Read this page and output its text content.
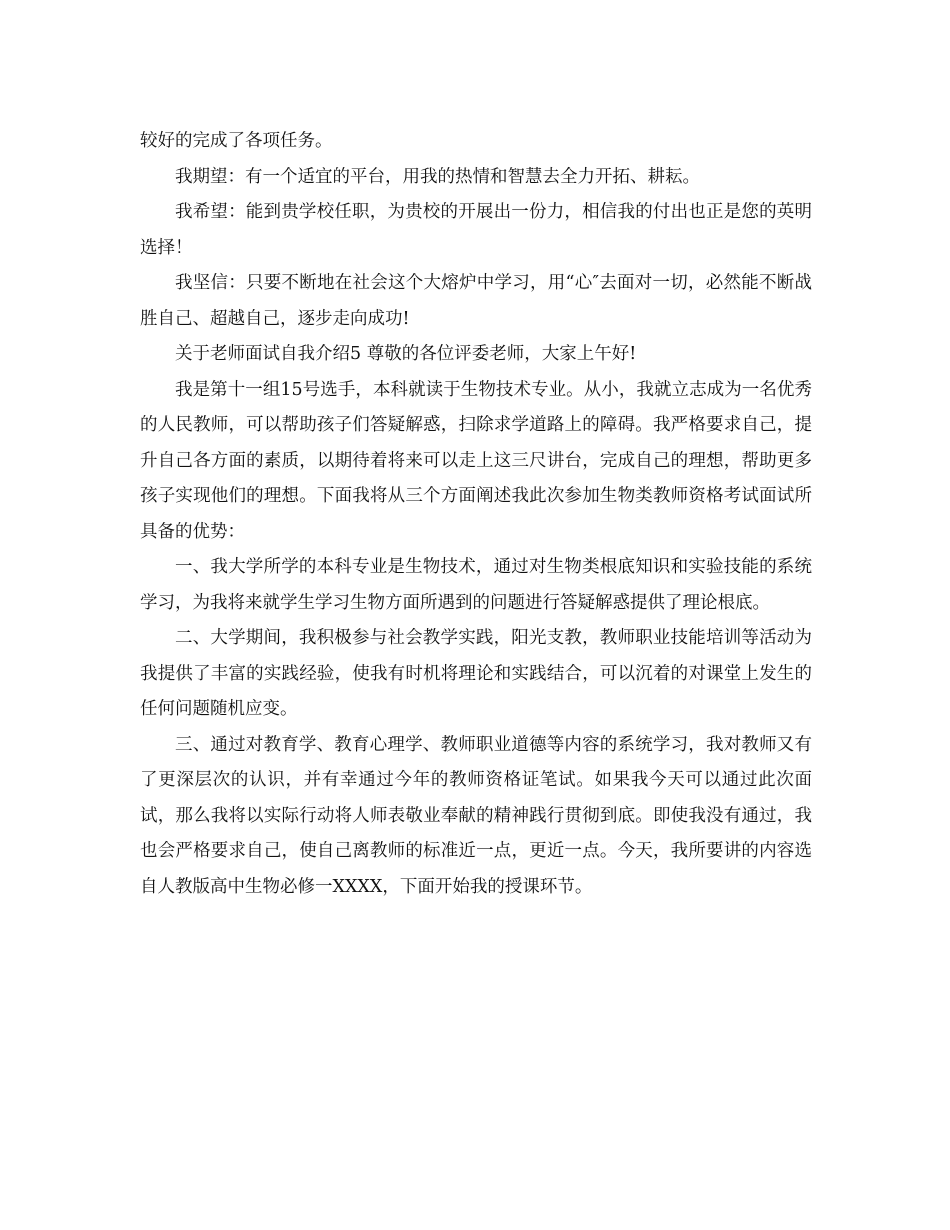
较好的完成了各项任务。

我期望：有一个适宜的平台，用我的热情和智慧去全力开拓、耕耘。

我希望：能到贵学校任职，为贵校的开展出一份力，相信我的付出也正是您的英明选择！

我坚信：只要不断地在社会这个大熔炉中学习，用“心″去面对一切，必然能不断战胜自己、超越自己，逐步走向成功!

关于老师面试自我介绍5 尊敬的各位评委老师，大家上午好!

我是第十一组15号选手，本科就读于生物技术专业。从小，我就立志成为一名优秀的人民教师，可以帮助孩子们答疑解惑，扫除求学道路上的障碍。我严格要求自己，提升自己各方面的素质，以期待着将来可以走上这三尺讲台，完成自己的理想，帮助更多孩子实现他们的理想。下面我将从三个方面阐述我此次参加生物类教师资格考试面试所具备的优势：

一、我大学所学的本科专业是生物技术，通过对生物类根底知识和实验技能的系统学习，为我将来就学生学习生物方面所遇到的问题进行答疑解惑提供了理论根底。

二、大学期间，我积极参与社会教学实践，阳光支教，教师职业技能培训等活动为我提供了丰富的实践经验，使我有时机将理论和实践结合，可以沉着的对课堂上发生的任何问题随机应变。

三、通过对教育学、教育心理学、教师职业道德等内容的系统学习，我对教师又有了更深层次的认识，并有幸通过今年的教师资格证笔试。如果我今天可以通过此次面试，那么我将以实际行动将人师表敬业奉献的精神践行贯彻到底。即使我没有通过，我也会严格要求自己，使自己离教师的标准近一点，更近一点。今天，我所要讲的内容选自人教版高中生物必修一XXXX，下面开始我的授课环节。
